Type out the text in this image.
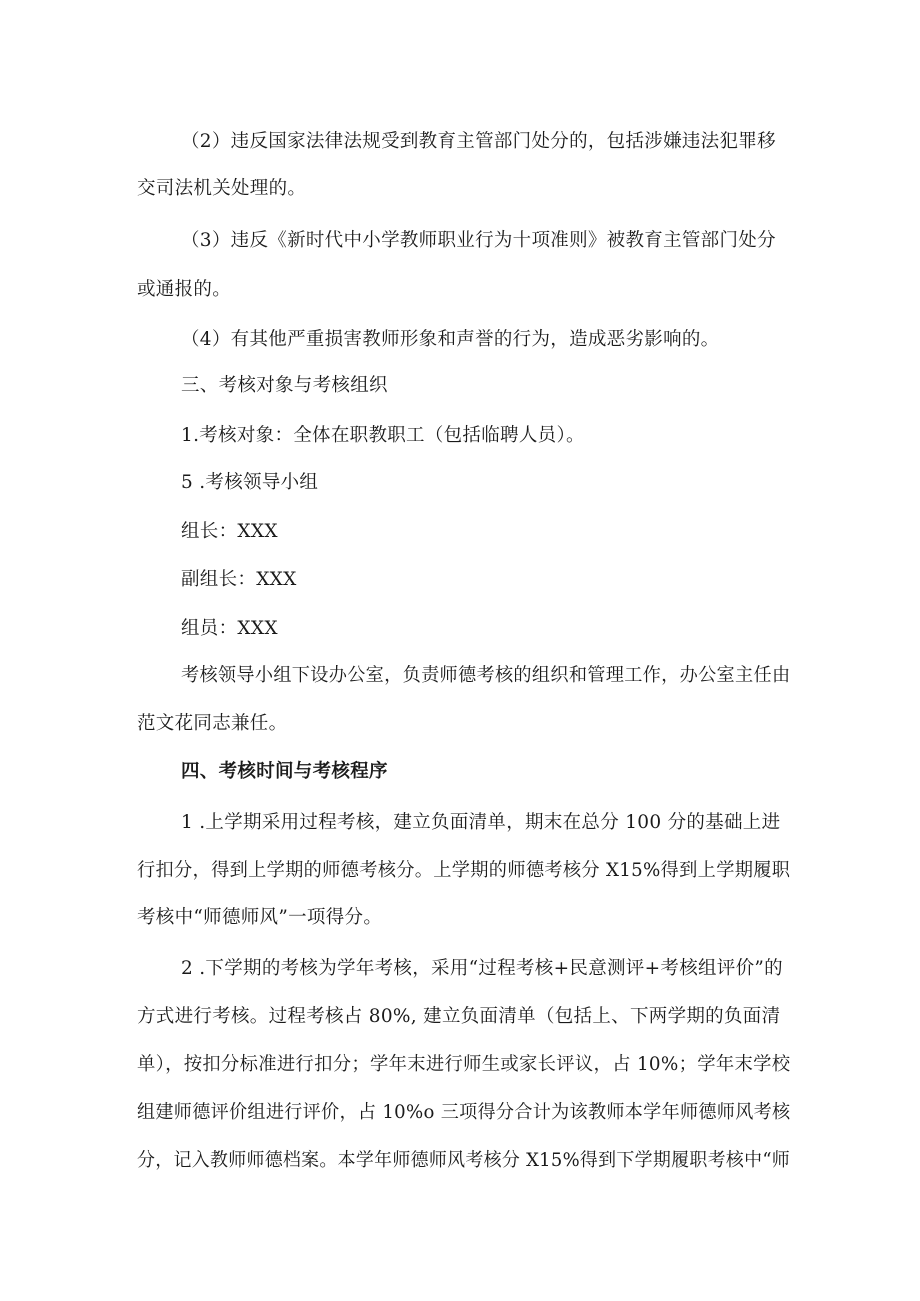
（2）违反国家法律法规受到教育主管部门处分的，包括涉嫌违法犯罪移
交司法机关处理的。
（3）违反《新时代中小学教师职业行为十项准则》被教育主管部门处分
或通报的。
（4）有其他严重损害教师形象和声誉的行为，造成恶劣影响的。
三、考核对象与考核组织
1.考核对象：全体在职教职工（包括临聘人员）。
5 .考核领导小组
组长：XXX
副组长：XXX
组员：XXX
考核领导小组下设办公室，负责师德考核的组织和管理工作，办公室主任由
范文花同志兼任。
四、考核时间与考核程序
1 .上学期采用过程考核，建立负面清单，期末在总分 100 分的基础上进
行扣分，得到上学期的师德考核分。上学期的师德考核分 X15%得到上学期履职
考核中“师德师风”一项得分。
2 .下学期的考核为学年考核，采用“过程考核+民意测评+考核组评价”的
方式进行考核。过程考核占 80%, 建立负面清单（包括上、下两学期的负面清
单），按扣分标准进行扣分；学年末进行师生或家长评议，占 10%；学年末学校
组建师德评价组进行评价，占 10%o 三项得分合计为该教师本学年师德师风考核
分，记入教师师德档案。本学年师德师风考核分 X15%得到下学期履职考核中“师
